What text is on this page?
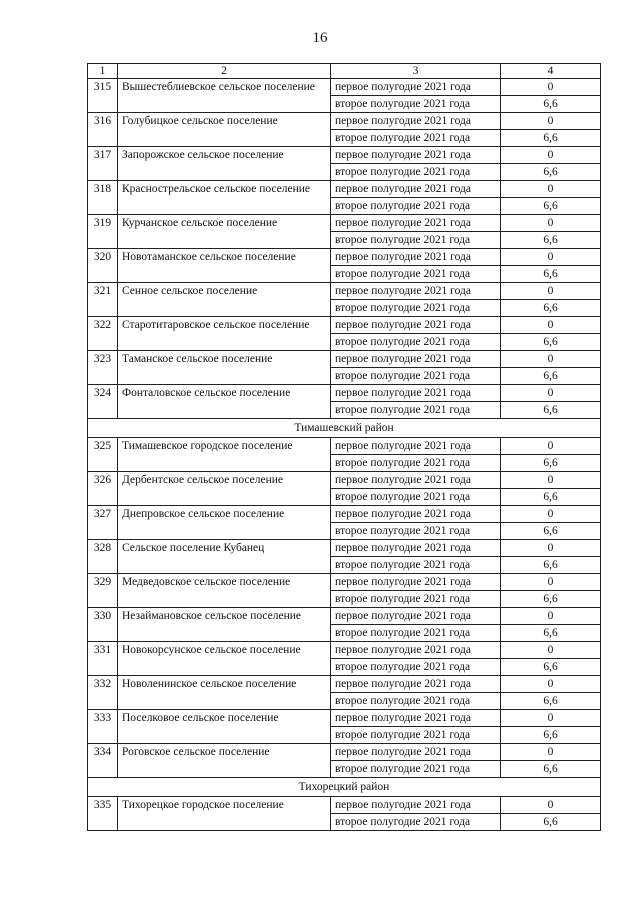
16
1	2	3	4
315	Вышестеблиевское сельское поселение	первое полугодие 2021 года	0
		второе полугодие 2021 года	6,6
316	Голубицкое сельское поселение	первое полугодие 2021 года	0
		второе полугодие 2021 года	6,6
317	Запорожское сельское поселение	первое полугодие 2021 года	0
		второе полугодие 2021 года	6,6
318	Краснострельское сельское поселение	первое полугодие 2021 года	0
		второе полугодие 2021 года	6,6
319	Курчанское сельское поселение	первое полугодие 2021 года	0
		второе полугодие 2021 года	6,6
320	Новотаманское сельское поселение	первое полугодие 2021 года	0
		второе полугодие 2021 года	6,6
321	Сенное сельское поселение	первое полугодие 2021 года	0
		второе полугодие 2021 года	6,6
322	Старотитаровское сельское поселение	первое полугодие 2021 года	0
		второе полугодие 2021 года	6,6
323	Таманское сельское поселение	первое полугодие 2021 года	0
		второе полугодие 2021 года	6,6
324	Фонталовское сельское поселение	первое полугодие 2021 года	0
		второе полугодие 2021 года	6,6
Тимашевский район			
325	Тимашевское городское поселение	первое полугодие 2021 года	0
		второе полугодие 2021 года	6,6
326	Дербентское сельское поселение	первое полугодие 2021 года	0
		второе полугодие 2021 года	6,6
327	Днепровское сельское поселение	первое полугодие 2021 года	0
		второе полугодие 2021 года	6,6
328	Сельское поселение Кубанец	первое полугодие 2021 года	0
		второе полугодие 2021 года	6,6
329	Медведовское сельское поселение	первое полугодие 2021 года	0
		второе полугодие 2021 года	6,6
330	Незаймановское сельское поселение	первое полугодие 2021 года	0
		второе полугодие 2021 года	6,6
331	Новокорсунское сельское поселение	первое полугодие 2021 года	0
		второе полугодие 2021 года	6,6
332	Новоленинское сельское поселение	первое полугодие 2021 года	0
		второе полугодие 2021 года	6,6
333	Поселковое сельское поселение	первое полугодие 2021 года	0
		второе полугодие 2021 года	6,6
334	Роговское сельское поселение	первое полугодие 2021 года	0
		второе полугодие 2021 года	6,6
Тихорецкий район			
335	Тихорецкое городское поселение	первое полугодие 2021 года	0
		второе полугодие 2021 года	6,6
